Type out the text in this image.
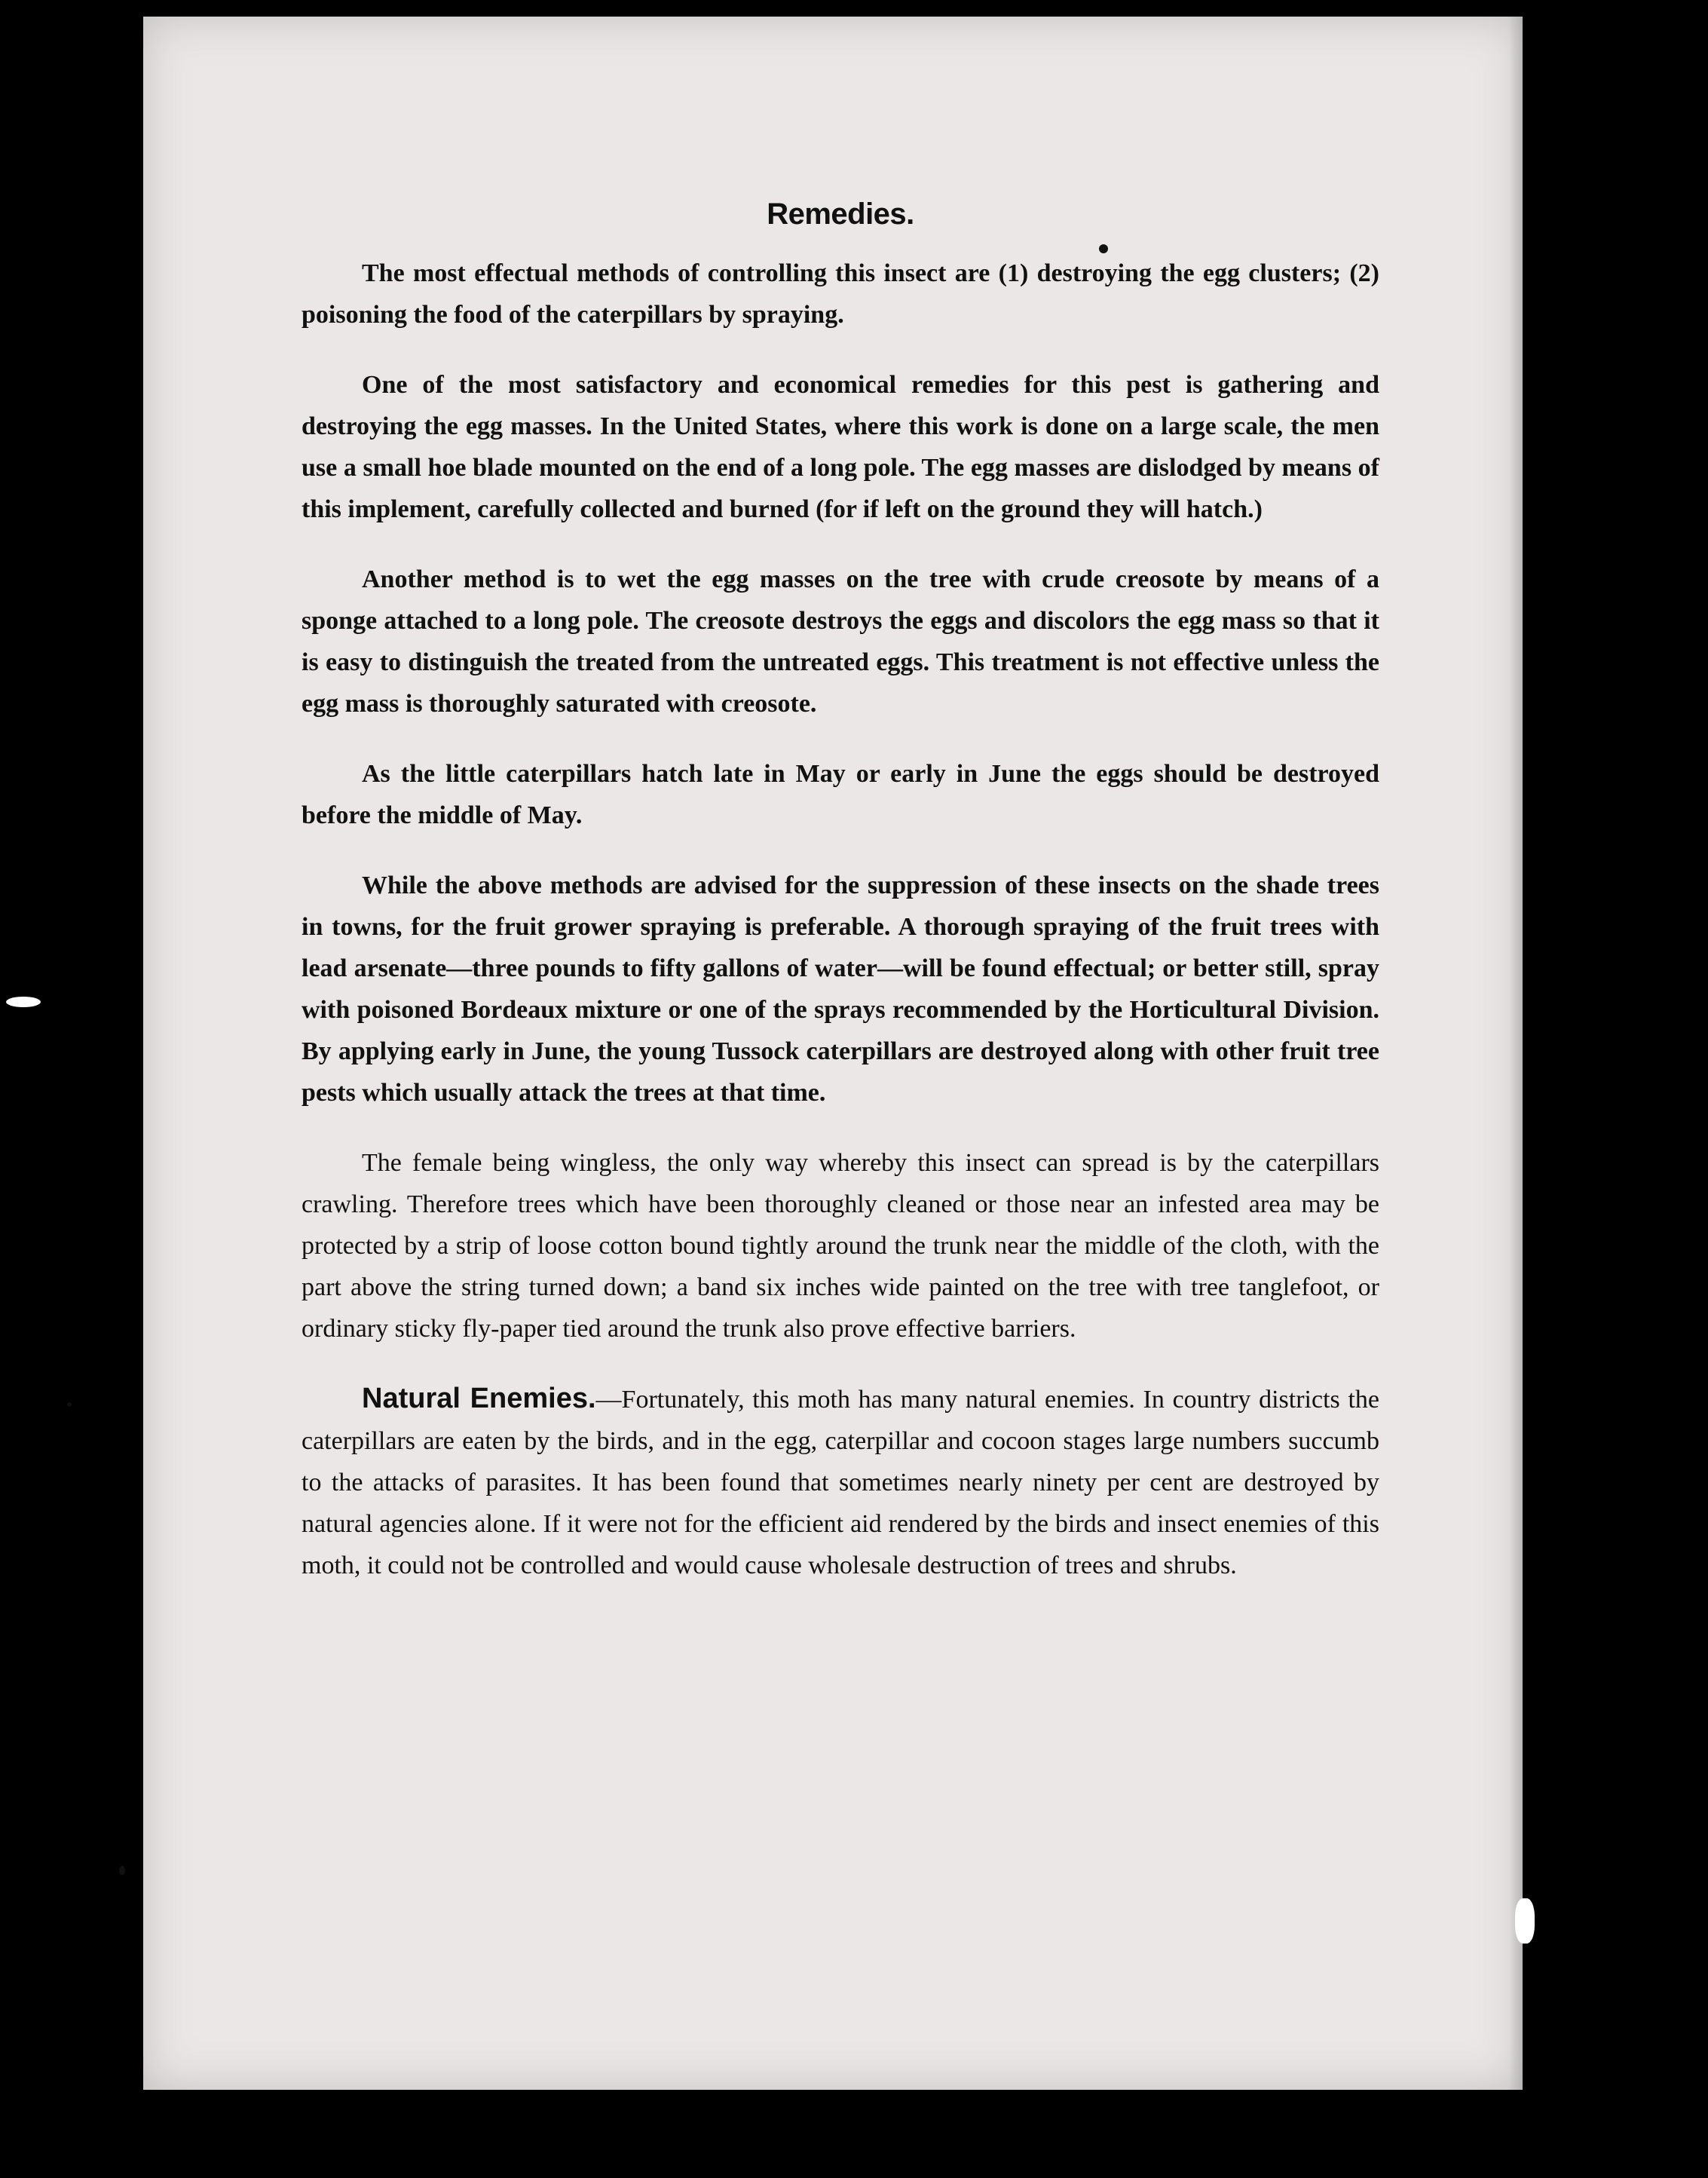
Remedies.

The most effectual methods of controlling this insect are (1) destroying the egg clusters; (2) poisoning the food of the caterpillars by spraying.

One of the most satisfactory and economical remedies for this pest is gathering and destroying the egg masses. In the United States, where this work is done on a large scale, the men use a small hoe blade mounted on the end of a long pole. The egg masses are dislodged by means of this implement, carefully collected and burned (for if left on the ground they will hatch.)

Another method is to wet the egg masses on the tree with crude creosote by means of a sponge attached to a long pole. The creosote destroys the eggs and discolors the egg mass so that it is easy to distinguish the treated from the untreated eggs. This treatment is not effective unless the egg mass is thoroughly saturated with creosote.

As the little caterpillars hatch late in May or early in June the eggs should be destroyed before the middle of May.

While the above methods are advised for the suppression of these insects on the shade trees in towns, for the fruit grower spraying is preferable. A thorough spraying of the fruit trees with lead arsenate—three pounds to fifty gallons of water—will be found effectual; or better still, spray with poisoned Bordeaux mixture or one of the sprays recommended by the Horticultural Division. By applying early in June, the young Tussock caterpillars are destroyed along with other fruit tree pests which usually attack the trees at that time.

The female being wingless, the only way whereby this insect can spread is by the caterpillars crawling. Therefore trees which have been thoroughly cleaned or those near an infested area may be protected by a strip of loose cotton bound tightly around the trunk near the middle of the cloth, with the part above the string turned down; a band six inches wide painted on the tree with tree tanglefoot, or ordinary sticky fly-paper tied around the trunk also prove effective barriers.

Natural Enemies.—Fortunately, this moth has many natural enemies. In country districts the caterpillars are eaten by the birds, and in the egg, caterpillar and cocoon stages large numbers succumb to the attacks of parasites. It has been found that sometimes nearly ninety per cent are destroyed by natural agencies alone. If it were not for the efficient aid rendered by the birds and insect enemies of this moth, it could not be controlled and would cause wholesale destruction of trees and shrubs.
